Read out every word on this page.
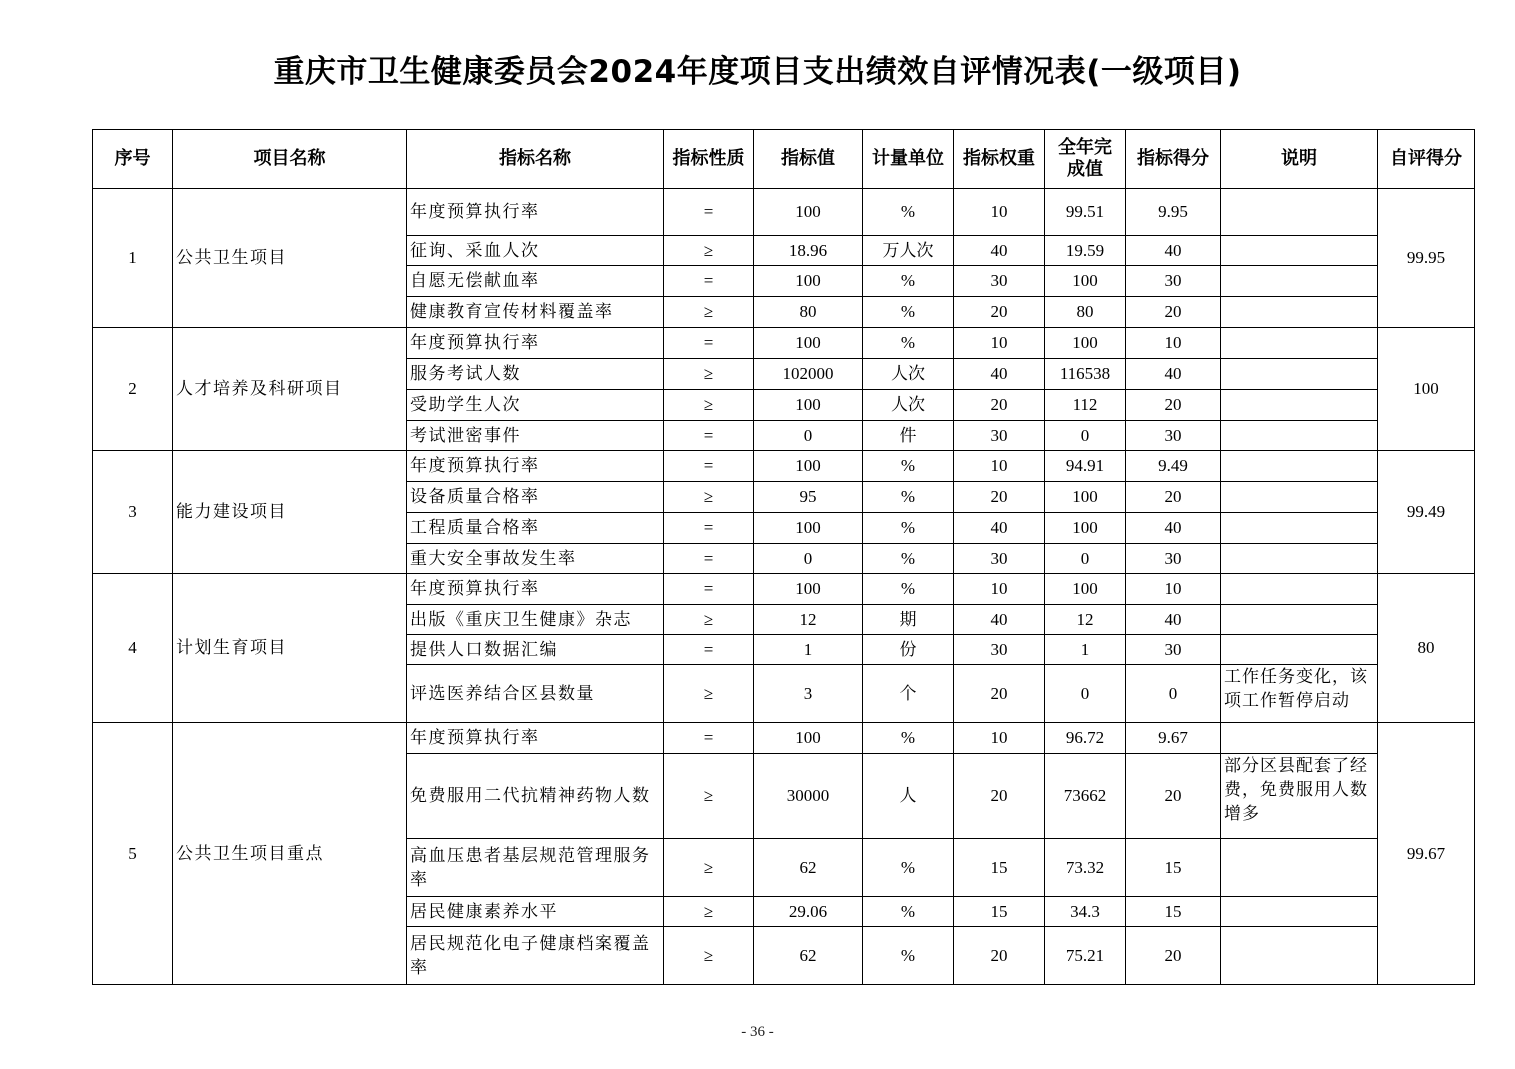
重庆市卫生健康委员会2024年度项目支出绩效自评情况表(一级项目)
序号	项目名称	指标名称	指标性质	指标值	计量单位	指标权重	全年完成值	指标得分	说明	自评得分
1	公共卫生项目	年度预算执行率	=	100	%	10	99.51	9.95		99.95
		征询、采血人次	≥	18.96	万人次	40	19.59	40		
		自愿无偿献血率	=	100	%	30	100	30		
		健康教育宣传材料覆盖率	≥	80	%	20	80	20		
2	人才培养及科研项目	年度预算执行率	=	100	%	10	100	10		100
		服务考试人数	≥	102000	人次	40	116538	40		
		受助学生人次	≥	100	人次	20	112	20		
		考试泄密事件	=	0	件	30	0	30		
3	能力建设项目	年度预算执行率	=	100	%	10	94.91	9.49		99.49
		设备质量合格率	≥	95	%	20	100	20		
		工程质量合格率	=	100	%	40	100	40		
		重大安全事故发生率	=	0	%	30	0	30		
4	计划生育项目	年度预算执行率	=	100	%	10	100	10		80
		出版《重庆卫生健康》杂志	≥	12	期	40	12	40		
		提供人口数据汇编	=	1	份	30	1	30		
		评选医养结合区县数量	≥	3	个	20	0	0	工作任务变化，该项工作暂停启动	
5	公共卫生项目重点	年度预算执行率	=	100	%	10	96.72	9.67		99.67
		免费服用二代抗精神药物人数	≥	30000	人	20	73662	20	部分区县配套了经费，免费服用人数增多	
		高血压患者基层规范管理服务率	≥	62	%	15	73.32	15		
		居民健康素养水平	≥	29.06	%	15	34.3	15		
		居民规范化电子健康档案覆盖率	≥	62	%	20	75.21	20		
- 36 -
